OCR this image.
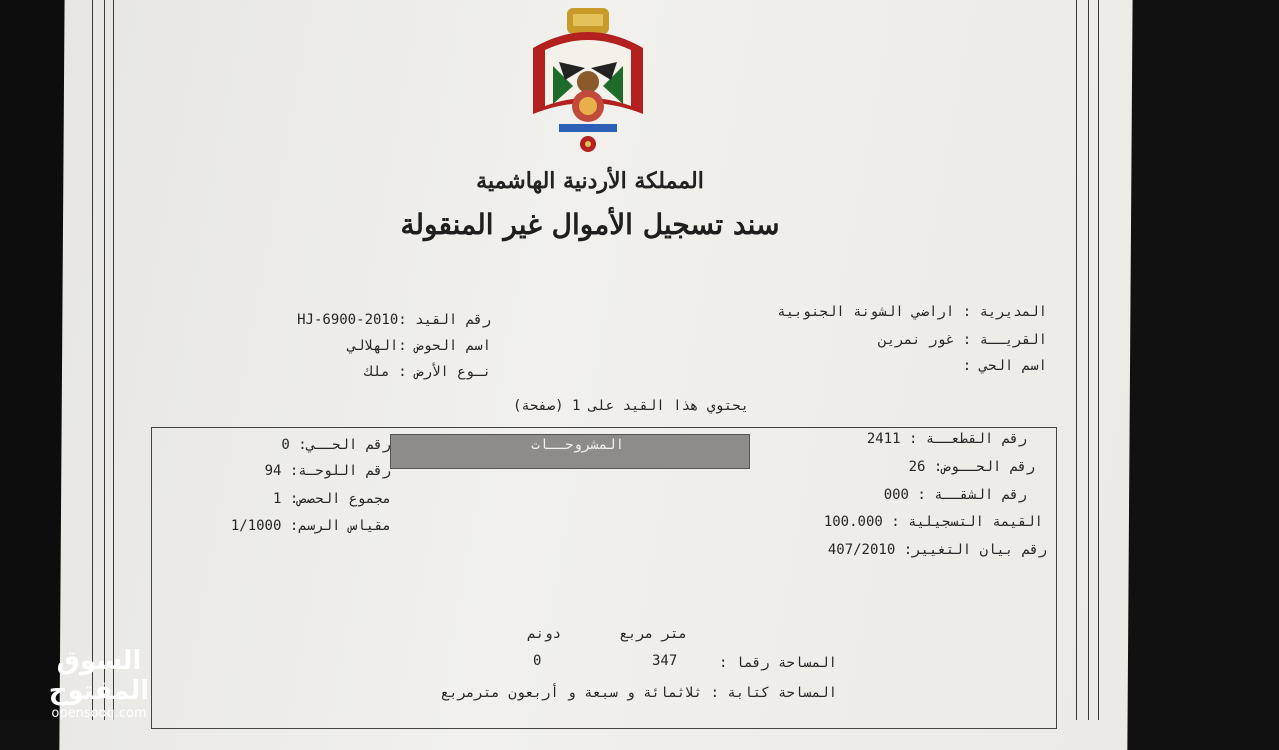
المملكة الأردنية الهاشمية
سند تسجيل الأموال غير المنقولة
المديرية : اراضي الشونة الجنوبية
القريــة : غور نمرين
اسم الحي :
رقم القيد :2010-HJ-6900
اسم الحوض :الهلالي
نـوع الأرض : ملك
يحتوي هذا القيد على 1 (صفحة)
المشروحــات	رقم القطعــة : 2411
رقم الحــوض: 26
رقم الشقــة : 000
القيمة التسجيلية : 100.000
رقم بيان التغيير: 407/2010
رقم الحــي: 0
رقم اللوحـة: 94
مجموع الحصص: 1
مقياس الرسم: 1/1000
متر مربع
دونم
المساحة رقما :
347
0
المساحة كتابة : ثلاثمائة و سبعة و أربعون مترمربع
السوق المفتوح
opensooq.com
